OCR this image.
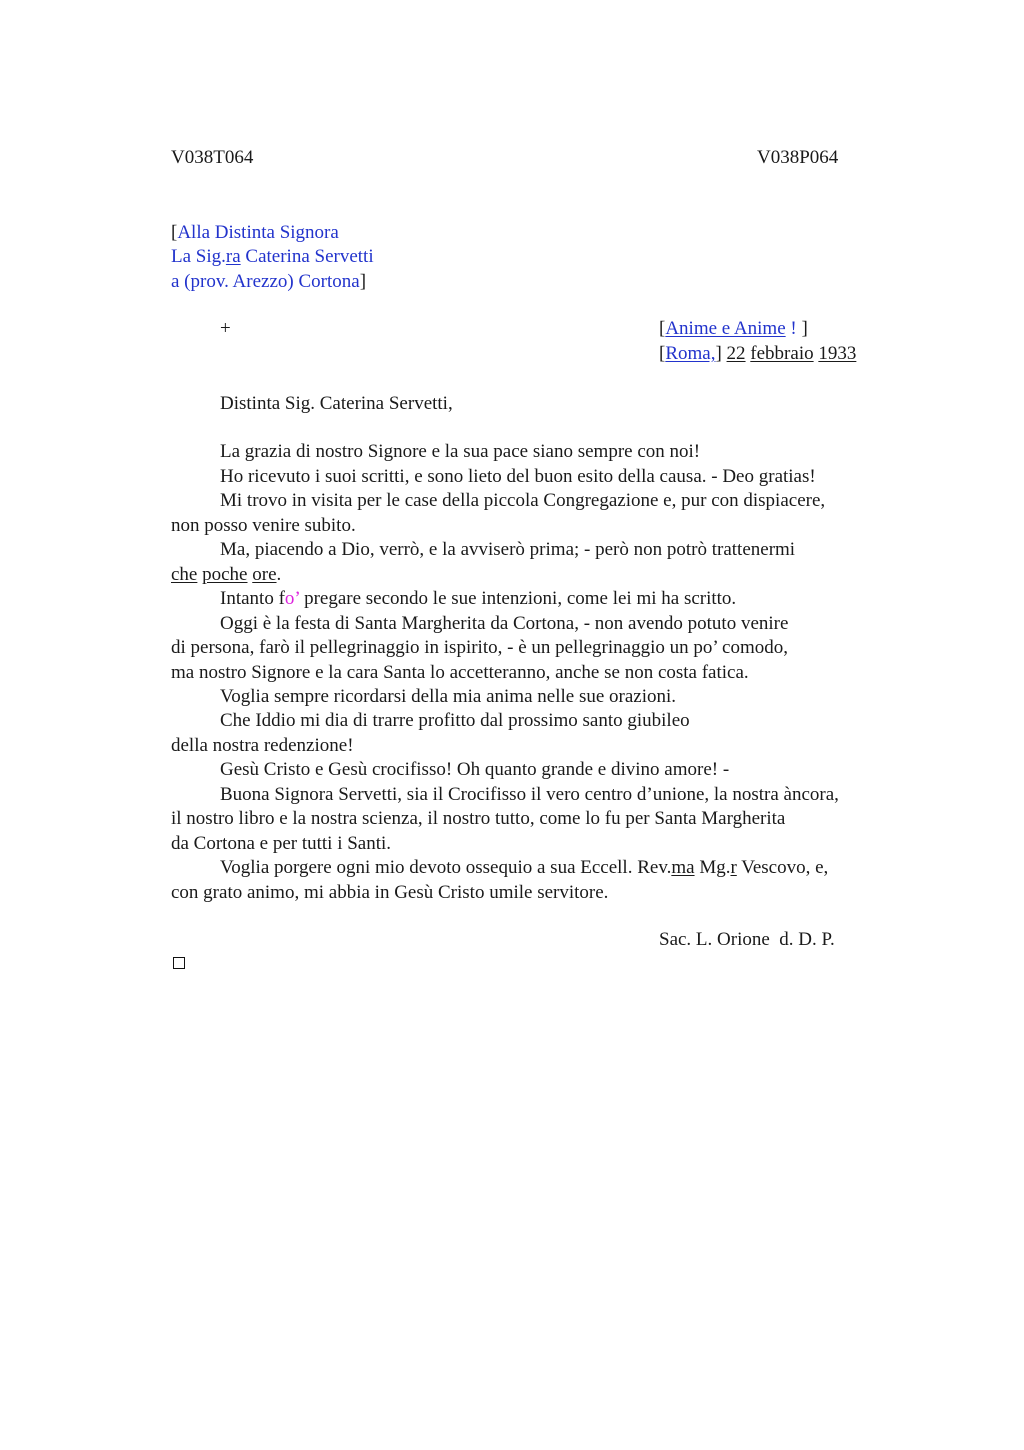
V038T064	V038P064
[Alla Distinta Signora
La Sig.ra Caterina Servetti
a (prov. Arezzo) Cortona]
+	[Anime e Anime ! ]
[Roma,] 22 febbraio 1933
Distinta Sig. Caterina Servetti,
La grazia di nostro Signore e la sua pace siano sempre con noi!
Ho ricevuto i suoi scritti, e sono lieto del buon esito della causa. - Deo gratias!
Mi trovo in visita per le case della piccola Congregazione e, pur con dispiacere,
non posso venire subito.
Ma, piacendo a Dio, verrò, e la avviserò prima; - però non potrò trattenermi
che poche ore.
Intanto fo’ pregare secondo le sue intenzioni, come lei mi ha scritto.
Oggi è la festa di Santa Margherita da Cortona, - non avendo potuto venire
di persona, farò il pellegrinaggio in ispirito, - è un pellegrinaggio un po’ comodo,
ma nostro Signore e la cara Santa lo accetteranno, anche se non costa fatica.
Voglia sempre ricordarsi della mia anima nelle sue orazioni.
Che Iddio mi dia di trarre profitto dal prossimo santo giubileo
della nostra redenzione!
Gesù Cristo e Gesù crocifisso! Oh quanto grande e divino amore! -
Buona Signora Servetti, sia il Crocifisso il vero centro d’unione, la nostra àncora,
il nostro libro e la nostra scienza, il nostro tutto, come lo fu per Santa Margherita
da Cortona e per tutti i Santi.
Voglia porgere ogni mio devoto ossequio a sua Eccell. Rev.ma Mg.r Vescovo, e,
con grato animo, mi abbia in Gesù Cristo umile servitore.
Sac. L. Orione  d. D. P.
